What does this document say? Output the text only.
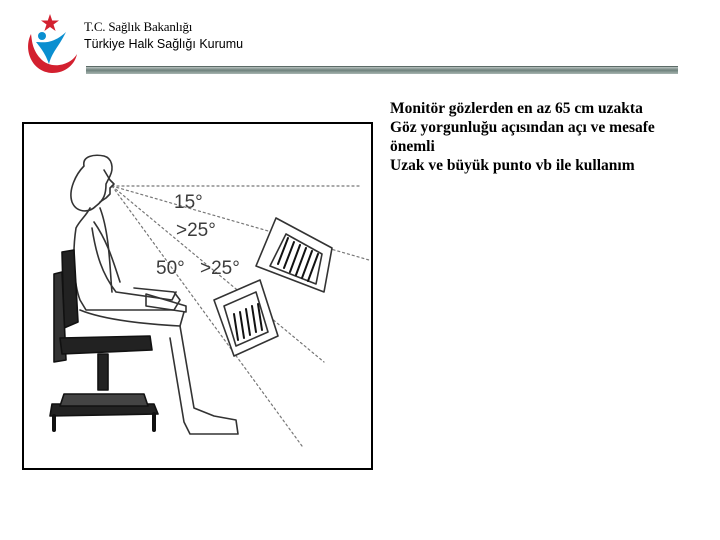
T.C. Sağlık Bakanlığı
Türkiye Halk Sağlığı Kurumu
15°
>25°
50° >25°
Monitör gözlerden en az 65 cm uzakta
Göz yorgunluğu açısından açı ve mesafe
önemli
Uzak ve büyük punto vb ile kullanım
